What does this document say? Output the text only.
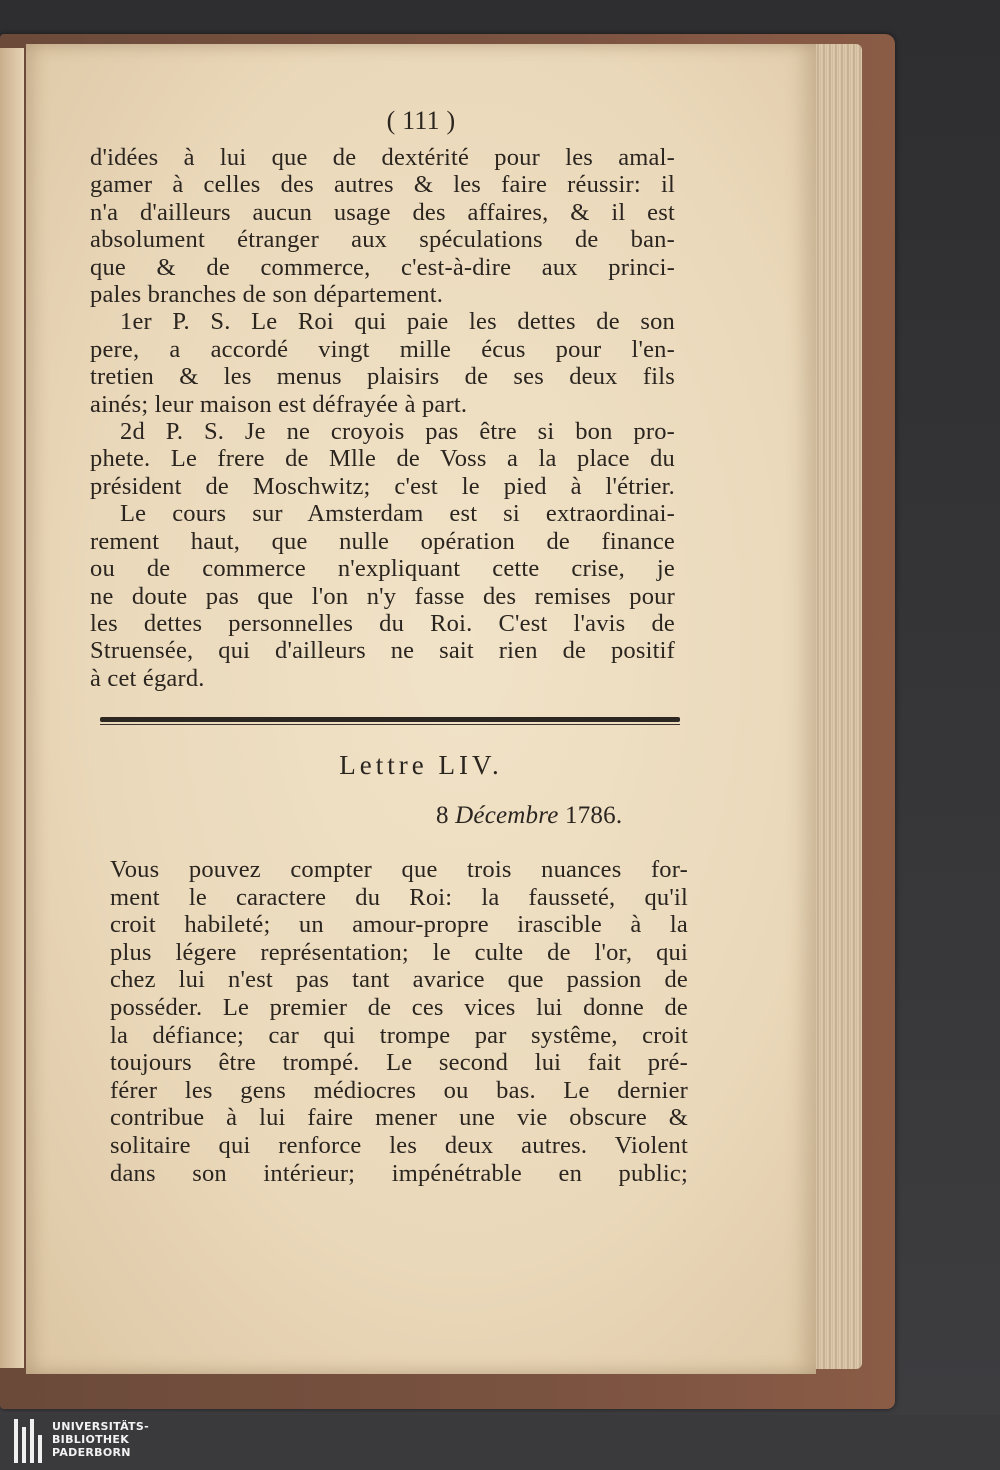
( 111 )
d'idées à lui que de dextérité pour les amal-
gamer à celles des autres & les faire réussir: il
n'a d'ailleurs aucun usage des affaires, & il est
absolument étranger aux spéculations de ban-
que & de commerce, c'est-à-dire aux princi-
pales branches de son département.
1er P. S. Le Roi qui paie les dettes de son
pere, a accordé vingt mille écus pour l'en-
tretien & les menus plaisirs de ses deux fils
ainés; leur maison est défrayée à part.
2d P. S. Je ne croyois pas être si bon pro-
phete. Le frere de Mlle de Voss a la place du
président de Moschwitz; c'est le pied à l'étrier.
Le cours sur Amsterdam est si extraordinai-
rement haut, que nulle opération de finance
ou de commerce n'expliquant cette crise, je
ne doute pas que l'on n'y fasse des remises pour
les dettes personnelles du Roi. C'est l'avis de
Struensée, qui d'ailleurs ne sait rien de positif
à cet égard.
Lettre LIV.
8 Décembre 1786.
Vous pouvez compter que trois nuances for-
ment le caractere du Roi: la fausseté, qu'il
croit habileté; un amour-propre irascible à la
plus légere représentation; le culte de l'or, qui
chez lui n'est pas tant avarice que passion de
posséder. Le premier de ces vices lui donne de
la défiance; car qui trompe par systême, croit
toujours être trompé. Le second lui fait pré-
férer les gens médiocres ou bas. Le dernier
contribue à lui faire mener une vie obscure &
solitaire qui renforce les deux autres. Violent
dans son intérieur; impénétrable en public;
UNIVERSITÄTS-
BIBLIOTHEK
PADERBORN
